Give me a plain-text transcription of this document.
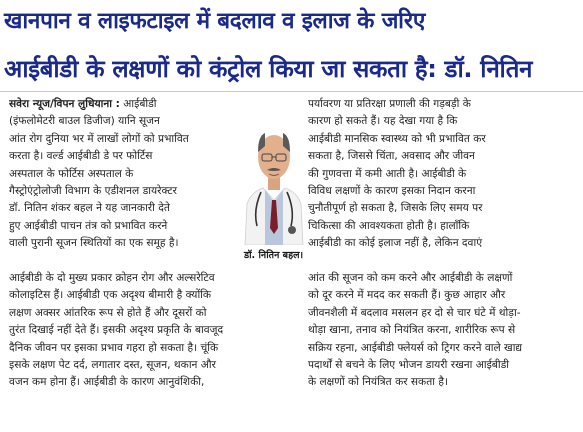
खानपान व लाइफटाइल में बदलाव व इलाज के जरिए
आईबीडी के लक्षणों को कंट्रोल किया जा सकता है: डॉ. नितिन
सवेरा न्यूज/विपन लुधियाना : आईबीडी
(इंफलोमेटरी बाउल डिजीज) यानि सूजन
आंत रोग दुनिया भर में लाखों लोगों को प्रभावित
करता है। वर्ल्ड आईबीडी डे पर फोर्टिस
अस्पताल के फोर्टिस अस्पताल के
गैस्ट्रोएंट्रोलोजी विभाग के एडीशनल डायरेक्टर
डॉ. नितिन शंकर बहल ने यह जानकारी देते
हुए आईबीडी पाचन तंत्र को प्रभावित करने
वाली पुरानी सूजन स्थितियों का एक समूह है।
डॉ. नितिन बहल।
आईबीडी के दो मुख्य प्रकार क्रोहन रोग और अल्सरेटिव
कोलाइटिस हैं। आईबीडी एक अदृश्य बीमारी है क्योंकि
लक्षण अक्सर आंतरिक रूप से होते हैं और दूसरों को
तुरंत दिखाई नहीं देते हैं। इसकी अदृश्य प्रकृति के बावजूद
दैनिक जीवन पर इसका प्रभाव गहरा हो सकता है। चूंकि
इसके लक्षण पेट दर्द, लगातार दस्त, सूजन, थकान और
वजन कम होना हैं। आईबीडी के कारण आनुवंशिकी,
पर्यावरण या प्रतिरक्षा प्रणाली की गड़बड़ी के
कारण हो सकते हैं। यह देखा गया है कि
आईबीडी मानसिक स्वास्थ्य को भी प्रभावित कर
सकता है, जिससे चिंता, अवसाद और जीवन
की गुणवत्ता में कमी आती है। आईबीडी के
विविध लक्षणों के कारण इसका निदान करना
चुनौतीपूर्ण हो सकता है, जिसके लिए समय पर
चिकित्सा की आवश्यकता होती है। हालाँकि
आईबीडी का कोई इलाज नहीं है, लेकिन दवाएं
आंत की सूजन को कम करने और आईबीडी के लक्षणों
को दूर करने में मदद कर सकती हैं। कुछ आहार और
जीवनशैली में बदलाव मसलन हर दो से चार घंटे में थोड़ा-
थोड़ा खाना, तनाव को नियंत्रित करना, शारीरिक रूप से
सक्रिय रहना, आईबीडी फ्लेयर्स को ट्रिगर करने वाले खाद्य
पदार्थों से बचने के लिए भोजन डायरी रखना आईबीडी
के लक्षणों को नियंत्रित कर सकता है।
